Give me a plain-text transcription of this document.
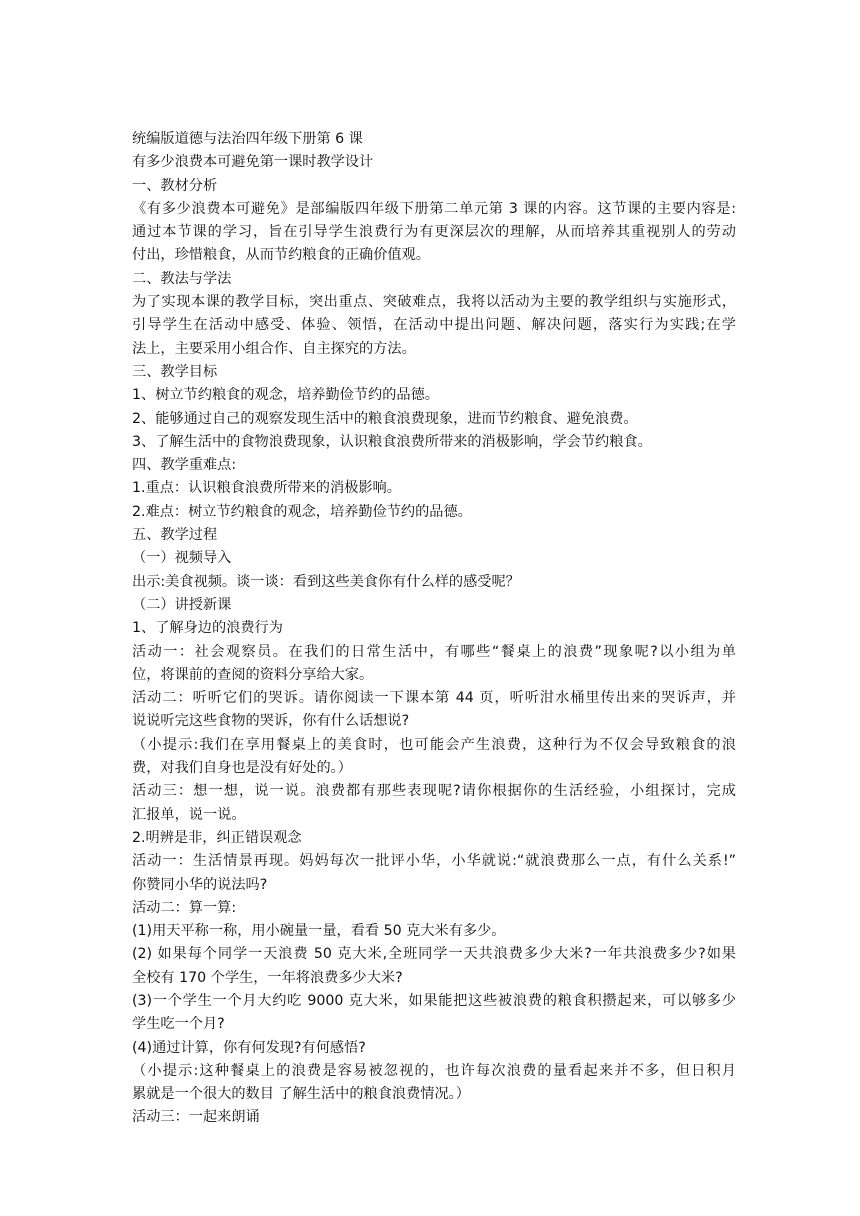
统编版道德与法治四年级下册第 6 课
有多少浪费本可避免第一课时教学设计
一、教材分析
《有多少浪费本可避免》是部编版四年级下册第二单元第 3 课的内容。这节课的主要内容是:
通过本节课的学习，旨在引导学生浪费行为有更深层次的理解，从而培养其重视别人的劳动
付出，珍惜粮食，从而节约粮食的正确价值观。
二、教法与学法
为了实现本课的教学目标，突出重点、突破难点，我将以活动为主要的教学组织与实施形式，
引导学生在活动中感受、体验、领悟，在活动中提出问题、解决问题，落实行为实践;在学
法上，主要采用小组合作、自主探究的方法。
三、教学目标
1、树立节约粮食的观念，培养勤俭节约的品德。
2、能够通过自己的观察发现生活中的粮食浪费现象，进而节约粮食、避免浪费。
3、了解生活中的食物浪费现象，认识粮食浪费所带来的消极影响，学会节约粮食。
四、教学重难点:
1.重点：认识粮食浪费所带来的消极影响。
2.难点：树立节约粮食的观念，培养勤俭节约的品德。
五、教学过程
（一）视频导入
出示:美食视频。谈一谈：看到这些美食你有什么样的感受呢？
（二）讲授新课
1、了解身边的浪费行为
活动一：社会观察员。在我们的日常生活中，有哪些“餐桌上的浪费”现象呢?以小组为单
位，将课前的查阅的资料分享给大家。
活动二：听听它们的哭诉。请你阅读一下课本第 44 页，听听泔水桶里传出来的哭诉声，并
说说听完这些食物的哭诉，你有什么话想说?
（小提示:我们在享用餐桌上的美食时，也可能会产生浪费，这种行为不仅会导致粮食的浪
费，对我们自身也是没有好处的。）
活动三：想一想，说一说。浪费都有那些表现呢?请你根据你的生活经验，小组探讨，完成
汇报单，说一说。
2.明辨是非，纠正错误观念
活动一：生活情景再现。妈妈每次一批评小华，小华就说:“就浪费那么一点，有什么关系!”
你赞同小华的说法吗?
活动二：算一算:
(1)用天平称一称，用小碗量一量，看看 50 克大米有多少。
(2) 如果每个同学一天浪费 50 克大米,全班同学一天共浪费多少大米?一年共浪费多少?如果
全校有 170 个学生，一年将浪费多少大米?
(3)一个学生一个月大约吃 9000 克大米，如果能把这些被浪费的粮食积攒起来，可以够多少
学生吃一个月?
(4)通过计算，你有何发现?有何感悟?
（小提示:这种餐桌上的浪费是容易被忽视的，也许每次浪费的量看起来并不多，但日积月
累就是一个很大的数目 了解生活中的粮食浪费情况。）
活动三：一起来朗诵
